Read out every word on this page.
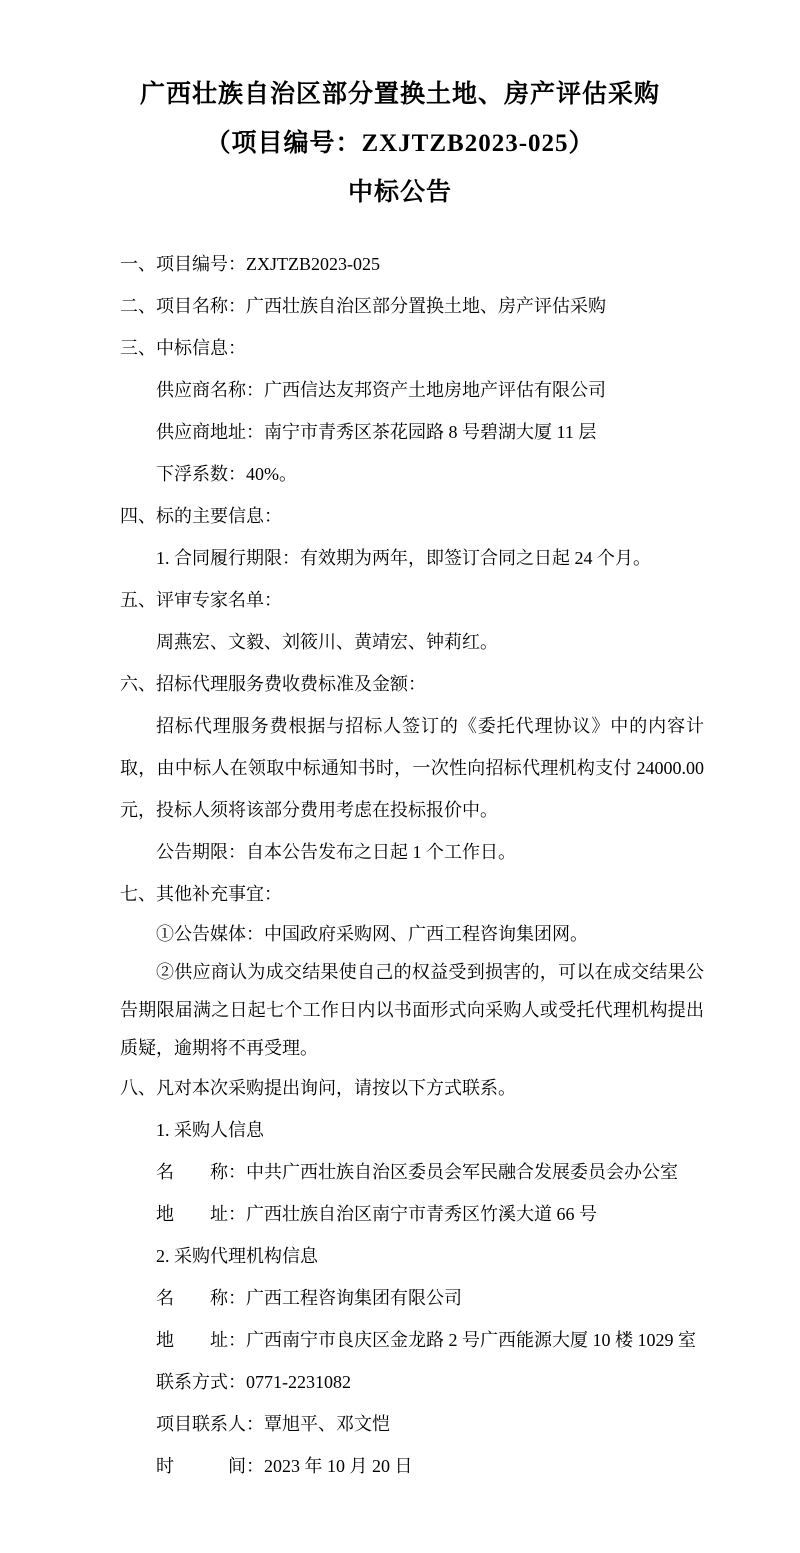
广西壮族自治区部分置换土地、房产评估采购
（项目编号：ZXJTZB2023-025）
中标公告

一、项目编号：ZXJTZB2023-025

二、项目名称：广西壮族自治区部分置换土地、房产评估采购

三、中标信息：

供应商名称：广西信达友邦资产土地房地产评估有限公司

供应商地址：南宁市青秀区茶花园路 8 号碧湖大厦 11 层

下浮系数：40%。

四、标的主要信息：

1. 合同履行期限：有效期为两年，即签订合同之日起 24 个月。

五、评审专家名单：

周燕宏、文毅、刘筱川、黄靖宏、钟莉红。

六、招标代理服务费收费标准及金额：

招标代理服务费根据与招标人签订的《委托代理协议》中的内容计取，由中标人在领取中标通知书时，一次性向招标代理机构支付 24000.00 元，投标人须将该部分费用考虑在投标报价中。

公告期限：自本公告发布之日起 1 个工作日。

七、其他补充事宜：

①公告媒体：中国政府采购网、广西工程咨询集团网。

②供应商认为成交结果使自己的权益受到损害的，可以在成交结果公告期限届满之日起七个工作日内以书面形式向采购人或受托代理机构提出质疑，逾期将不再受理。

八、凡对本次采购提出询问，请按以下方式联系。

1. 采购人信息

名　　称：中共广西壮族自治区委员会军民融合发展委员会办公室

地　　址：广西壮族自治区南宁市青秀区竹溪大道 66 号

2. 采购代理机构信息

名　　称：广西工程咨询集团有限公司

地　　址：广西南宁市良庆区金龙路 2 号广西能源大厦 10 楼 1029 室

联系方式：0771-2231082

项目联系人：覃旭平、邓文恺

时　　　间：2023 年 10 月 20 日
